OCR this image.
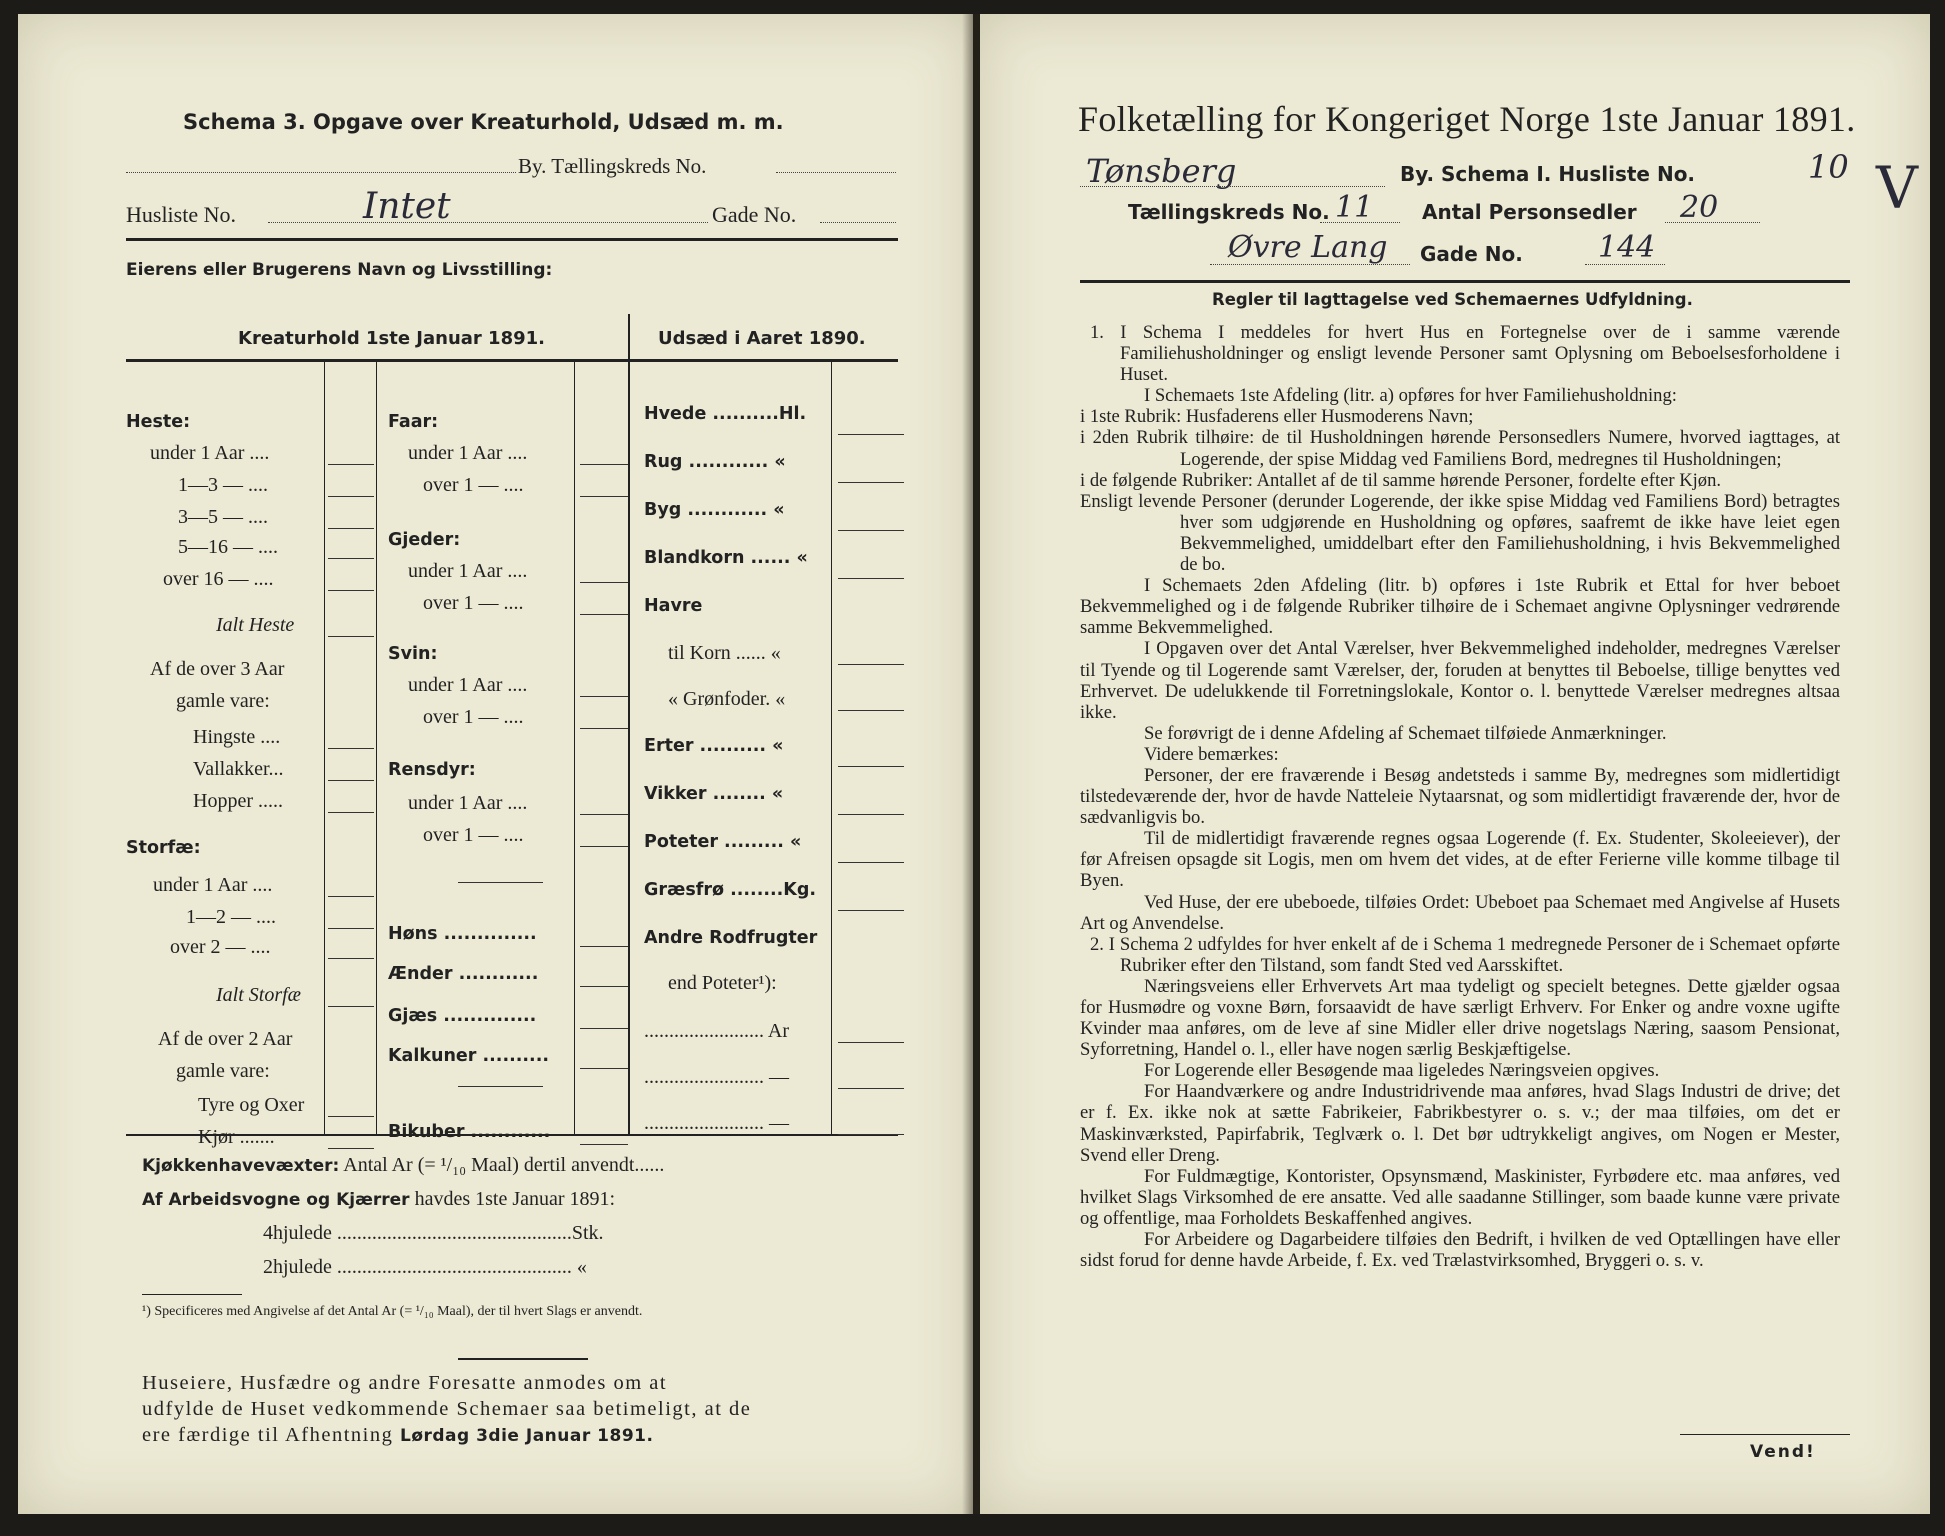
Schema 3. Opgave over Kreaturhold, Udsæd m. m.
By. Tællingskreds No.
Husliste No.	Intet	Gade No.
Eierens eller Brugerens Navn og Livsstilling:
Kreaturhold 1ste Januar 1891.	Udsæd i Aaret 1890.
Heste:
under 1 Aar ....
1—3 — ....
3—5 — ....
5—16 — ....
over 16 — ....
Ialt Heste
Af de over 3 Aar
gamle vare:
Hingste ....
Vallakker...
Hopper .....
Storfæ:
under 1 Aar ....
1—2 — ....
over 2 — ....
Ialt Storfæ
Af de over 2 Aar
gamle vare:
Tyre og Oxer
Kjør .......
Faar:
under 1 Aar ....
over 1 — ....
Gjeder:
under 1 Aar ....
over 1 — ....
Svin:
under 1 Aar ....
over 1 — ....
Rensdyr:
under 1 Aar ....
over 1 — ....
Høns ..............
Ænder ............
Gjæs ..............
Kalkuner ..........
Bikuber ............
Hvede ..........Hl.
Rug ............ «
Byg ............ «
Blandkorn ...... «
Havre
til Korn ...... «
« Grønfoder. «
Erter .......... «
Vikker ........ «
Poteter ......... «
Græsfrø ........Kg.
Andre Rodfrugter
end Poteter¹):
........................ Ar
........................ —
........................ —
Kjøkkenhavevæxter: Antal Ar (= ¹/₁₀ Maal) dertil anvendt......
Af Arbeidsvogne og Kjærrer havdes 1ste Januar 1891:
4hjulede ...............................................Stk.
2hjulede ............................................... «
¹) Specificeres med Angivelse af det Antal Ar (= ¹/₁₀ Maal), der til hvert Slags er anvendt.
Huseiere, Husfædre og andre Foresatte anmodes om at
udfylde de Huset vedkommende Schemaer saa betimeligt, at de
ere færdige til Afhentning Lørdag 3die Januar 1891.
Folketælling for Kongeriget Norge 1ste Januar 1891.
Tønsberg	By. Schema I. Husliste No.	10 V
Tællingskreds No. 11 Antal Personsedler 20
Øvre Lang Gade No.	144
Regler til Iagttagelse ved Schemaernes Udfyldning.

1. I Schema I meddeles for hvert Hus en Fortegnelse over de i samme værende Familiehusholdninger og ensligt levende Personer samt Oplysning om Beboelsesforholdene i Huset.

I Schemaets 1ste Afdeling (litr. a) opføres for hver Familiehusholdning:

i 1ste Rubrik: Husfaderens eller Husmoderens Navn;

i 2den Rubrik tilhøire: de til Husholdningen hørende Personsedlers Numere, hvorved iagttages, at Logerende, der spise Middag ved Familiens Bord, medregnes til Husholdningen;

i de følgende Rubriker: Antallet af de til samme hørende Personer, fordelte efter Kjøn.

Ensligt levende Personer (derunder Logerende, der ikke spise Middag ved Familiens Bord) betragtes hver som udgjørende en Husholdning og opføres, saafremt de ikke have leiet egen Bekvemmelighed, umiddelbart efter den Familiehusholdning, i hvis Bekvemmelighed de bo.

I Schemaets 2den Afdeling (litr. b) opføres i 1ste Rubrik et Ettal for hver beboet Bekvemmelighed og i de følgende Rubriker tilhøire de i Schemaet angivne Oplysninger vedrørende samme Bekvemmelighed.

I Opgaven over det Antal Værelser, hver Bekvemmelighed indeholder, medregnes Værelser til Tyende og til Logerende samt Værelser, der, foruden at benyttes til Beboelse, tillige benyttes ved Erhvervet. De udelukkende til Forretningslokale, Kontor o. l. benyttede Værelser medregnes altsaa ikke.

Se forøvrigt de i denne Afdeling af Schemaet tilføiede Anmærkninger.

Videre bemærkes:

Personer, der ere fraværende i Besøg andetsteds i samme By, medregnes som midlertidigt tilstedeværende der, hvor de havde Natteleie Nytaarsnat, og som midlertidigt fraværende der, hvor de sædvanligvis bo.

Til de midlertidigt fraværende regnes ogsaa Logerende (f. Ex. Studenter, Skoleeiever), der før Afreisen opsagde sit Logis, men om hvem det vides, at de efter Ferierne ville komme tilbage til Byen.

Ved Huse, der ere ubeboede, tilføies Ordet: Ubeboet paa Schemaet med Angivelse af Husets Art og Anvendelse.

2. I Schema 2 udfyldes for hver enkelt af de i Schema 1 medregnede Personer de i Schemaet opførte Rubriker efter den Tilstand, som fandt Sted ved Aarsskiftet.

Næringsveiens eller Erhvervets Art maa tydeligt og specielt betegnes. Dette gjælder ogsaa for Husmødre og voxne Børn, forsaavidt de have særligt Erhverv. For Enker og andre voxne ugifte Kvinder maa anføres, om de leve af sine Midler eller drive nogetslags Næring, saasom Pensionat, Syforretning, Handel o. l., eller have nogen særlig Beskjæftigelse.

For Logerende eller Besøgende maa ligeledes Næringsveien opgives.

For Haandværkere og andre Industridrivende maa anføres, hvad Slags Industri de drive; det er f. Ex. ikke nok at sætte Fabrikeier, Fabrikbestyrer o. s. v.; der maa tilføies, om det er Maskinværksted, Papirfabrik, Teglværk o. l. Det bør udtrykkeligt angives, om Nogen er Mester, Svend eller Dreng.

For Fuldmægtige, Kontorister, Opsynsmænd, Maskinister, Fyrbødere etc. maa anføres, ved hvilket Slags Virksomhed de ere ansatte. Ved alle saadanne Stillinger, som baade kunne være private og offentlige, maa Forholdets Beskaffenhed angives.

For Arbeidere og Dagarbeidere tilføies den Bedrift, i hvilken de ved Optællingen have eller sidst forud for denne havde Arbeide, f. Ex. ved Trælastvirksomhed, Bryggeri o. s. v.

Vend!
